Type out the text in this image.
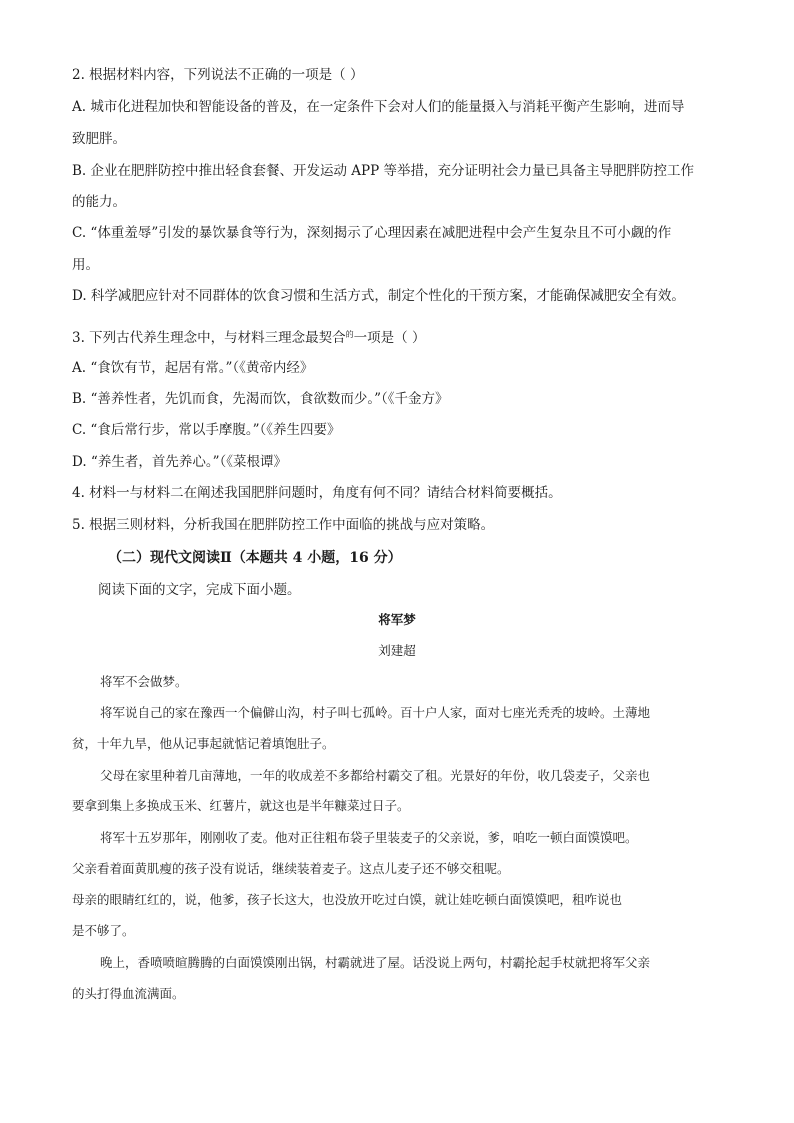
2. 根据材料内容，下列说法不正确的一项是（ ）
A. 城市化进程加快和智能设备的普及，在一定条件下会对人们的能量摄入与消耗平衡产生影响，进而导
致肥胖。
B. 企业在肥胖防控中推出轻食套餐、开发运动 APP 等举措，充分证明社会力量已具备主导肥胖防控工作
的能力。
C. “体重羞辱”引发的暴饮暴食等行为，深刻揭示了心理因素在减肥进程中会产生复杂且不可小觑的作
用。
D. 科学减肥应针对不同群体的饮食习惯和生活方式，制定个性化的干预方案，才能确保减肥安全有效。
3. 下列古代养生理念中，与材料三理念最契合$^的$一项是（ ）
A. “食饮有节，起居有常。”（《黄帝内经》
B. “善养性者，先饥而食，先渴而饮，食欲数而少。”（《千金方》
C. “食后常行步，常以手摩腹。”（《养生四要》
D. “养生者，首先养心。”（《菜根谭》
4. 材料一与材料二在阐述我国肥胖问题时，角度有何不同？请结合材料简要概括。
5. 根据三则材料，分析我国在肥胖防控工作中面临的挑战与应对策略。
（二）现代文阅读Ⅱ（本题共 4 小题，16 分）
阅读下面的文字，完成下面小题。
将军梦
刘建超
将军不会做梦。
将军说自己的家在豫西一个偏僻山沟，村子叫七孤岭。百十户人家，面对七座光秃秃的坡岭。土薄地
贫，十年九旱，他从记事起就惦记着填饱肚子。
父母在家里种着几亩薄地，一年的收成差不多都给村霸交了租。光景好的年份，收几袋麦子，父亲也
要拿到集上多换成玉米、红薯片，就这也是半年糠菜过日子。
将军十五岁那年，刚刚收了麦。他对正往粗布袋子里装麦子的父亲说，爹，咱吃一顿白面馍馍吧。
父亲看着面黄肌瘦的孩子没有说话，继续装着麦子。这点儿麦子还不够交租呢。
母亲的眼睛红红的，说，他爹，孩子长这大，也没放开吃过白馍，就让娃吃顿白面馍馍吧，租咋说也
是不够了。
晚上，香喷喷暄腾腾的白面馍馍刚出锅，村霸就进了屋。话没说上两句，村霸抡起手杖就把将军父亲
的头打得血流满面。
